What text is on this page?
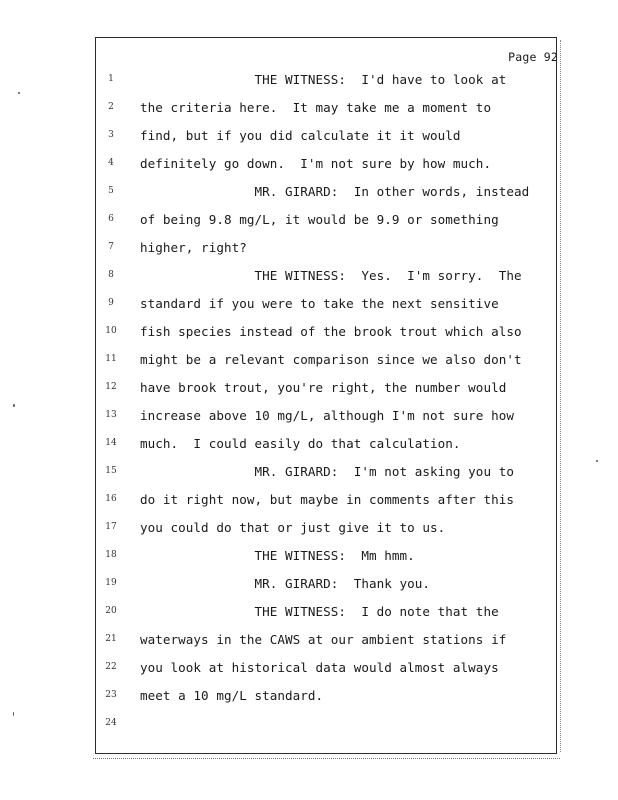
Page 92
1	THE WITNESS:  I'd have to look at
2	the criteria here.  It may take me a moment to
3	find, but if you did calculate it it would
4	definitely go down.  I'm not sure by how much.
5	MR. GIRARD:  In other words, instead
6	of being 9.8 mg/L, it would be 9.9 or something
7	higher, right?
8	THE WITNESS:  Yes.  I'm sorry.  The
9	standard if you were to take the next sensitive
10	fish species instead of the brook trout which also
11	might be a relevant comparison since we also don't
12	have brook trout, you're right, the number would
13	increase above 10 mg/L, although I'm not sure how
14	much.  I could easily do that calculation.
15	MR. GIRARD:  I'm not asking you to
16	do it right now, but maybe in comments after this
17	you could do that or just give it to us.
18	THE WITNESS:  Mm hmm.
19	MR. GIRARD:  Thank you.
20	THE WITNESS:  I do note that the
21	waterways in the CAWS at our ambient stations if
22	you look at historical data would almost always
23	meet a 10 mg/L standard.
24
